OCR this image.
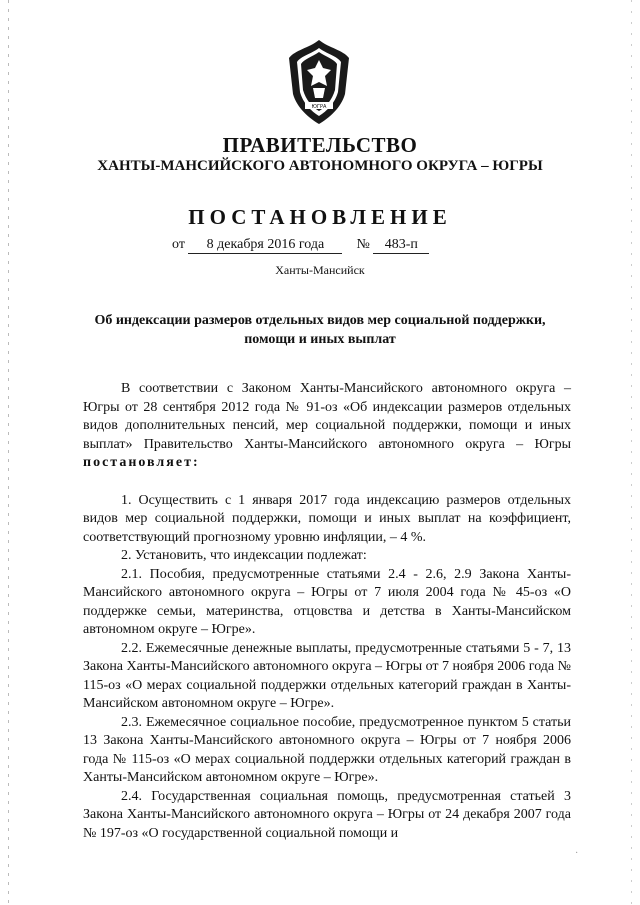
ЮГРА
ПРАВИТЕЛЬСТВО
ХАНТЫ-МАНСИЙСКОГО АВТОНОМНОГО ОКРУГА – ЮГРЫ
ПОСТАНОВЛЕНИЕ
от 8 декабря 2016 года № 483-п
Ханты-Мансийск
Об индексации размеров отдельных видов мер социальной поддержки, помощи и иных выплат

В соответствии с Законом Ханты-Мансийского автономного округа – Югры от 28 сентября 2012 года № 91-оз «Об индексации размеров отдельных видов дополнительных пенсий, мер социальной поддержки, помощи и иных выплат» Правительство Ханты-Мансийского автономного округа – Югры постановляет:

1. Осуществить с 1 января 2017 года индексацию размеров отдельных видов мер социальной поддержки, помощи и иных выплат на коэффициент, соответствующий прогнозному уровню инфляции, – 4 %.

2. Установить, что индексации подлежат:

2.1. Пособия, предусмотренные статьями 2.4 - 2.6, 2.9 Закона Ханты-Мансийского автономного округа – Югры от 7 июля 2004 года № 45-оз «О поддержке семьи, материнства, отцовства и детства в Ханты-Мансийском автономном округе – Югре».

2.2. Ежемесячные денежные выплаты, предусмотренные статьями 5 - 7, 13 Закона Ханты-Мансийского автономного округа – Югры от 7 ноября 2006 года № 115-оз «О мерах социальной поддержки отдельных категорий граждан в Ханты-Мансийском автономном округе – Югре».

2.3. Ежемесячное социальное пособие, предусмотренное пунктом 5 статьи 13 Закона Ханты-Мансийского автономного округа – Югры от 7 ноября 2006 года № 115-оз «О мерах социальной поддержки отдельных категорий граждан в Ханты-Мансийском автономном округе – Югре».

2.4. Государственная социальная помощь, предусмотренная статьей 3 Закона Ханты-Мансийского автономного округа – Югры от 24 декабря 2007 года № 197-оз «О государственной социальной помощи и

·
